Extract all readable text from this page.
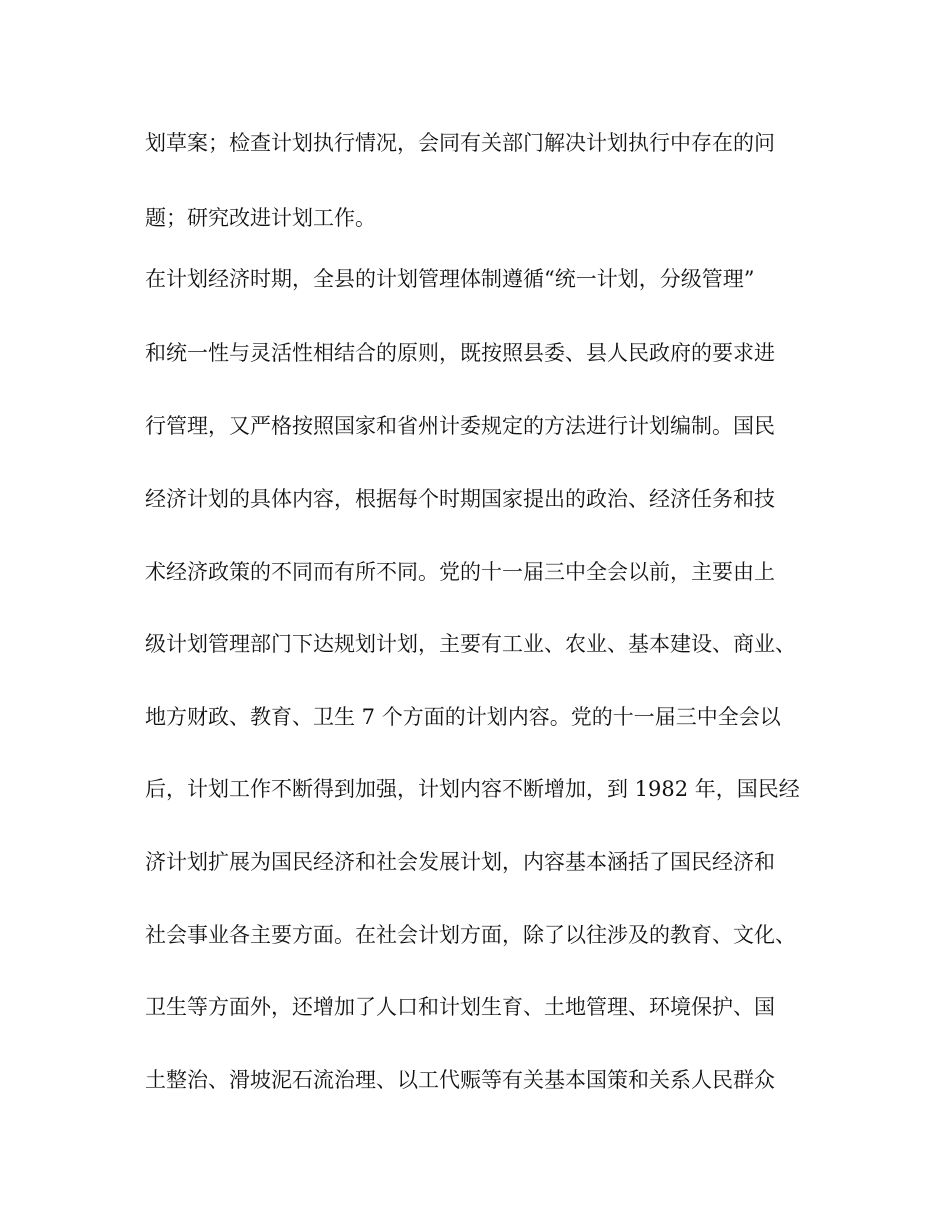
划草案；检查计划执行情况，会同有关部门解决计划执行中存在的问
题；研究改进计划工作。
在计划经济时期，全县的计划管理体制遵循“统一计划，分级管理”
和统一性与灵活性相结合的原则，既按照县委、县人民政府的要求进
行管理，又严格按照国家和省州计委规定的方法进行计划编制。国民
经济计划的具体内容，根据每个时期国家提出的政治、经济任务和技
术经济政策的不同而有所不同。党的十一届三中全会以前，主要由上
级计划管理部门下达规划计划，主要有工业、农业、基本建设、商业、
地方财政、教育、卫生 7 个方面的计划内容。党的十一届三中全会以
后，计划工作不断得到加强，计划内容不断增加，到 1982 年，国民经
济计划扩展为国民经济和社会发展计划，内容基本涵括了国民经济和
社会事业各主要方面。在社会计划方面，除了以往涉及的教育、文化、
卫生等方面外，还增加了人口和计划生育、土地管理、环境保护、国
土整治、滑坡泥石流治理、以工代赈等有关基本国策和关系人民群众
